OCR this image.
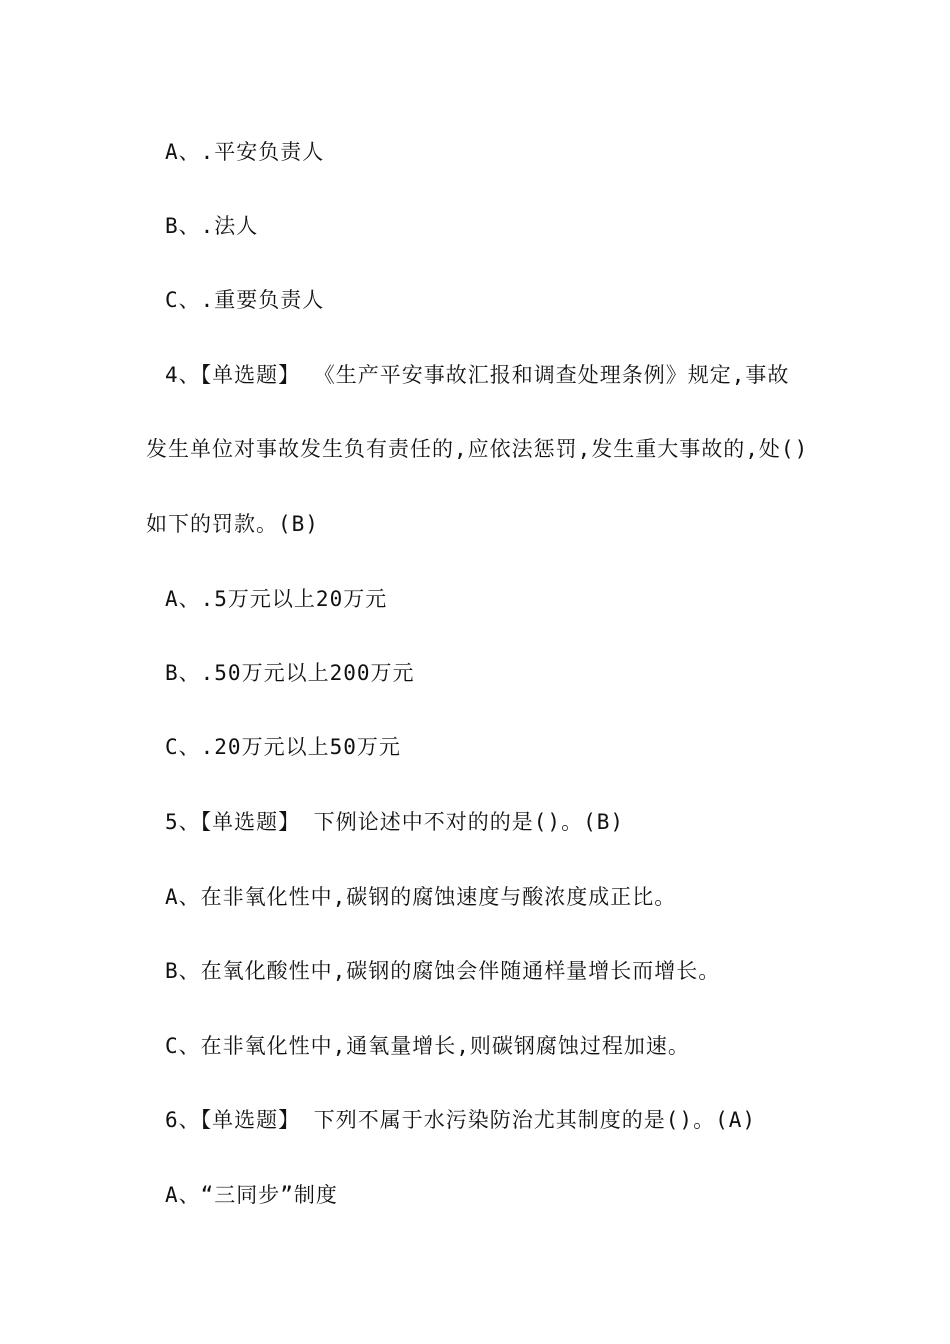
A、.平安负责人
B、.法人
C、.重要负责人
4、【单选题】 《生产平安事故汇报和调查处理条例》规定,事故
发生单位对事故发生负有责任的,应依法惩罚,发生重大事故的,处()
如下的罚款。(B)
A、.5万元以上20万元
B、.50万元以上200万元
C、.20万元以上50万元
5、【单选题】 下例论述中不对的的是()。(B)
A、在非氧化性中,碳钢的腐蚀速度与酸浓度成正比。
B、在氧化酸性中,碳钢的腐蚀会伴随通样量增长而增长。
C、在非氧化性中,通氧量增长,则碳钢腐蚀过程加速。
6、【单选题】 下列不属于水污染防治尤其制度的是()。(A)
A、“三同步”制度
